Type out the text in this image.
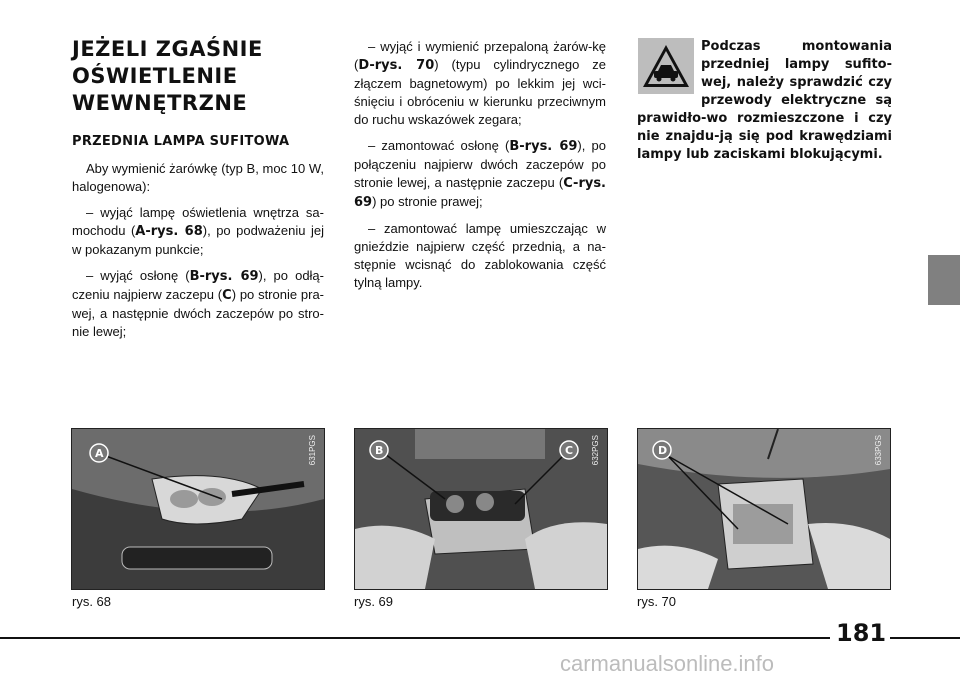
JEŻELI ZGAŚNIE
OŚWIETLENIE
WEWNĘTRZNE
PRZEDNIA LAMPA SUFITOWA

Aby wymienić żarówkę (typ B, moc 10 W, halogenowa):

– wyjąć lampę oświetlenia wnętrza sa-mochodu (A-rys. 68), po podważeniu jej w pokazanym punkcie;

– wyjąć osłonę (B-rys. 69), po odłą-czeniu najpierw zaczepu (C) po stronie pra-wej, a następnie dwóch zaczepów po stro-nie lewej;

– wyjąć i wymienić przepaloną żarów-kę (D-rys. 70) (typu cylindrycznego ze złączem bagnetowym) po lekkim jej wci-śnięciu i obróceniu w kierunku przeciwnym do ruchu wskazówek zegara;

– zamontować osłonę (B-rys. 69), po połączeniu najpierw dwóch zaczepów po stronie lewej, a następnie zaczepu (C-rys. 69) po stronie prawej;

– zamontować lampę umieszczając w gnieździe najpierw część przednią, a na-stępnie wcisnąć do zablokowania część tylną lampy.

Podczas montowania przedniej lampy sufito-wej, należy sprawdzić czy przewody elektryczne są prawidło-wo rozmieszczone i czy nie znajdu-ją się pod krawędziami lampy lub zaciskami blokującymi.
A	631PGS	B	C 632PGS	D	633PGS
rys. 68	rys. 69	rys. 70
181
carmanualsonline.info
